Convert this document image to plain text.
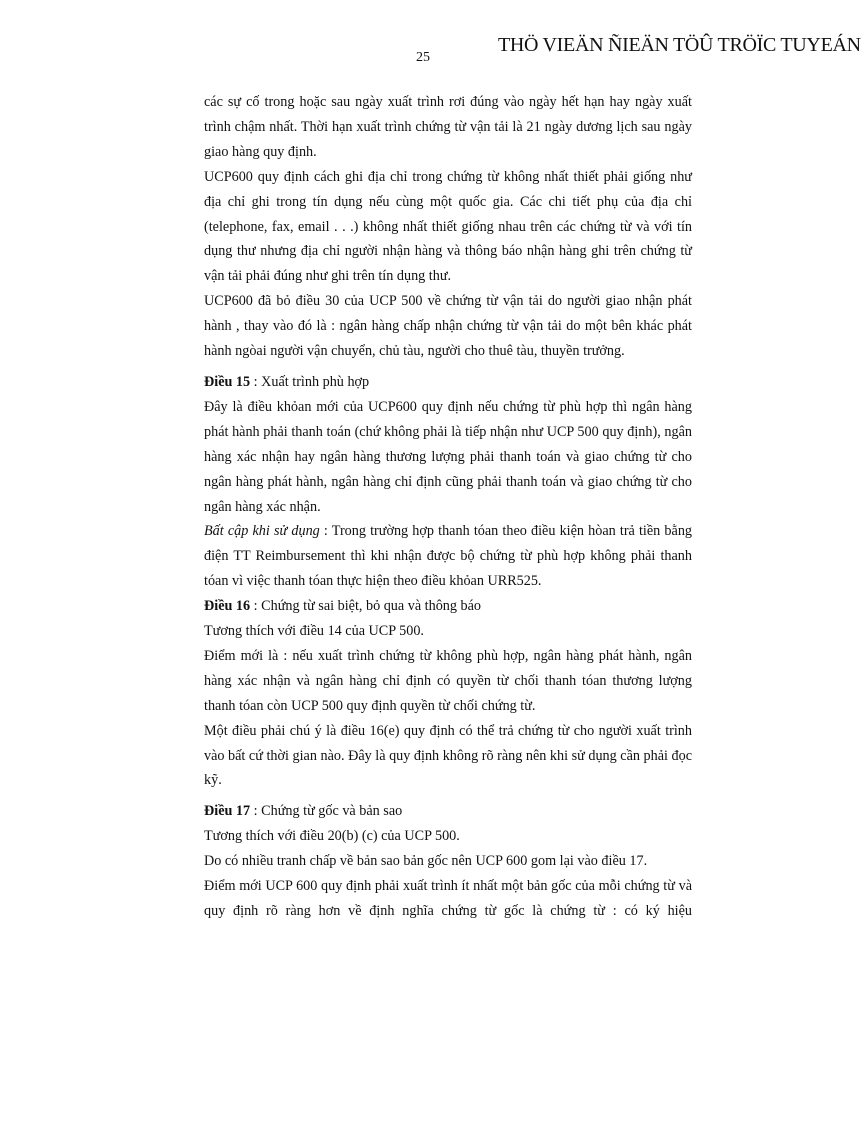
THÖ VIEÄN ÑIEÄN TÖÛ TRÖÏC TUYEÁN
25

các sự cố trong hoặc sau ngày xuất trình rơi đúng vào ngày hết hạn hay ngày xuất trình chậm nhất. Thời hạn xuất trình chứng từ vận tải là 21 ngày dương lịch sau ngày giao hàng quy định.

UCP600 quy định cách ghi địa chỉ trong chứng từ không nhất thiết phải giống như địa chỉ ghi trong tín dụng nếu cùng một quốc gia. Các chi tiết phụ của địa chỉ (telephone, fax, email . . .) không nhất thiết giống nhau trên các chứng từ và với tín dụng thư nhưng địa chỉ người nhận hàng và thông báo nhận hàng ghi trên chứng từ vận tải phải đúng như ghi trên tín dụng thư.

UCP600 đã bỏ điều 30 của UCP 500 về chứng từ vận tải do người giao nhận phát hành , thay vào đó là : ngân hàng chấp nhận chứng từ vận tải do một bên khác phát hành ngòai người vận chuyển, chủ tàu, người cho thuê tàu, thuyền trưởng.

Điều 15 : Xuất trình phù hợp

Đây là điều khỏan mới của UCP600 quy định nếu chứng từ phù hợp thì ngân hàng phát hành phải thanh toán (chứ không phải là tiếp nhận như UCP 500 quy định), ngân hàng xác nhận hay ngân hàng thương lượng phải thanh toán và giao chứng từ cho ngân hàng phát hành, ngân hàng chỉ định cũng phải thanh toán và giao chứng từ cho ngân hàng xác nhận.

Bất cập khi sử dụng : Trong trường hợp thanh tóan theo điều kiện hòan trả tiền bằng điện TT Reimbursement thì khi nhận được bộ chứng từ phù hợp không phải thanh tóan vì việc thanh tóan thực hiện theo điều khỏan URR525.

Điều 16 : Chứng từ sai biệt, bỏ qua và thông báo

Tương thích với điều 14 của UCP 500.

Điểm mới là : nếu xuất trình chứng từ không phù hợp, ngân hàng phát hành, ngân hàng xác nhận và ngân hàng chỉ định có quyền từ chối thanh tóan thương lượng thanh tóan còn UCP 500 quy định quyền từ chối chứng từ.

Một điều phải chú ý là điều 16(e) quy định có thể trả chứng từ cho người xuất trình vào bất cứ thời gian nào. Đây là quy định không rõ ràng nên khi sử dụng cần phải đọc kỹ.

Điều 17 : Chứng từ gốc và bản sao

Tương thích với điều 20(b) (c) của UCP 500.

Do có nhiều tranh chấp về bản sao bản gốc nên UCP 600 gom lại vào điều 17.

Điểm mới UCP 600 quy định phải xuất trình ít nhất một bản gốc của mỗi chứng từ và quy định rõ ràng hơn về định nghĩa chứng từ gốc là chứng từ : có ký hiệu
